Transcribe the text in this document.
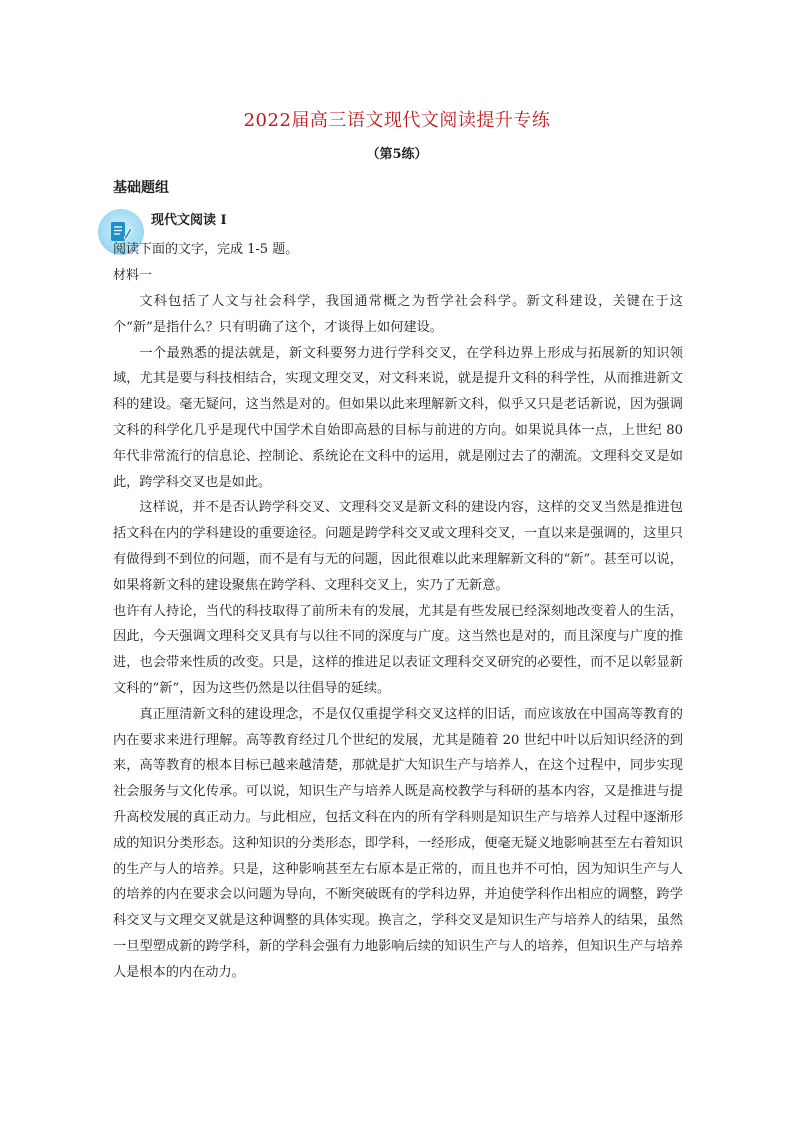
2022届高三语文现代文阅读提升专练
（第5练）
基础题组
现代文阅读 I
阅读下面的文字，完成 1-5 题。
材料一

文科包括了人文与社会科学，我国通常概之为哲学社会科学。新文科建设，关键在于这个“新”是指什么？只有明确了这个，才谈得上如何建设。

一个最熟悉的提法就是，新文科要努力进行学科交叉，在学科边界上形成与拓展新的知识领域，尤其是要与科技相结合，实现文理交叉，对文科来说，就是提升文科的科学性，从而推进新文科的建设。毫无疑问，这当然是对的。但如果以此来理解新文科，似乎又只是老话新说，因为强调文科的科学化几乎是现代中国学术自始即高悬的目标与前进的方向。如果说具体一点，上世纪 80 年代非常流行的信息论、控制论、系统论在文科中的运用，就是刚过去了的潮流。文理科交叉是如此，跨学科交叉也是如此。

这样说，并不是否认跨学科交叉、文理科交叉是新文科的建设内容，这样的交叉当然是推进包括文科在内的学科建设的重要途径。问题是跨学科交叉或文理科交叉，一直以来是强调的，这里只有做得到不到位的问题，而不是有与无的问题，因此很难以此来理解新文科的“新”。甚至可以说，如果将新文科的建设聚焦在跨学科、文理科交叉上，实乃了无新意。

也许有人持论，当代的科技取得了前所未有的发展，尤其是有些发展已经深刻地改变着人的生活，因此，今天强调文理科交叉具有与以往不同的深度与广度。这当然也是对的，而且深度与广度的推进，也会带来性质的改变。只是，这样的推进足以表证文理科交叉研究的必要性，而不足以彰显新文科的“新”，因为这些仍然是以往倡导的延续。

真正厘清新文科的建设理念，不是仅仅重提学科交叉这样的旧话，而应该放在中国高等教育的内在要求来进行理解。高等教育经过几个世纪的发展，尤其是随着 20 世纪中叶以后知识经济的到来，高等教育的根本目标已越来越清楚，那就是扩大知识生产与培养人，在这个过程中，同步实现社会服务与文化传承。可以说，知识生产与培养人既是高校教学与科研的基本内容，又是推进与提升高校发展的真正动力。与此相应，包括文科在内的所有学科则是知识生产与培养人过程中逐渐形成的知识分类形态。这种知识的分类形态，即学科，一经形成，便毫无疑义地影响甚至左右着知识的生产与人的培养。只是，这种影响甚至左右原本是正常的，而且也并不可怕，因为知识生产与人的培养的内在要求会以问题为导向，不断突破既有的学科边界，并迫使学科作出相应的调整，跨学科交叉与文理交叉就是这种调整的具体实现。换言之，学科交叉是知识生产与培养人的结果，虽然一旦型塑成新的跨学科，新的学科会强有力地影响后续的知识生产与人的培养，但知识生产与培养人是根本的内在动力。
